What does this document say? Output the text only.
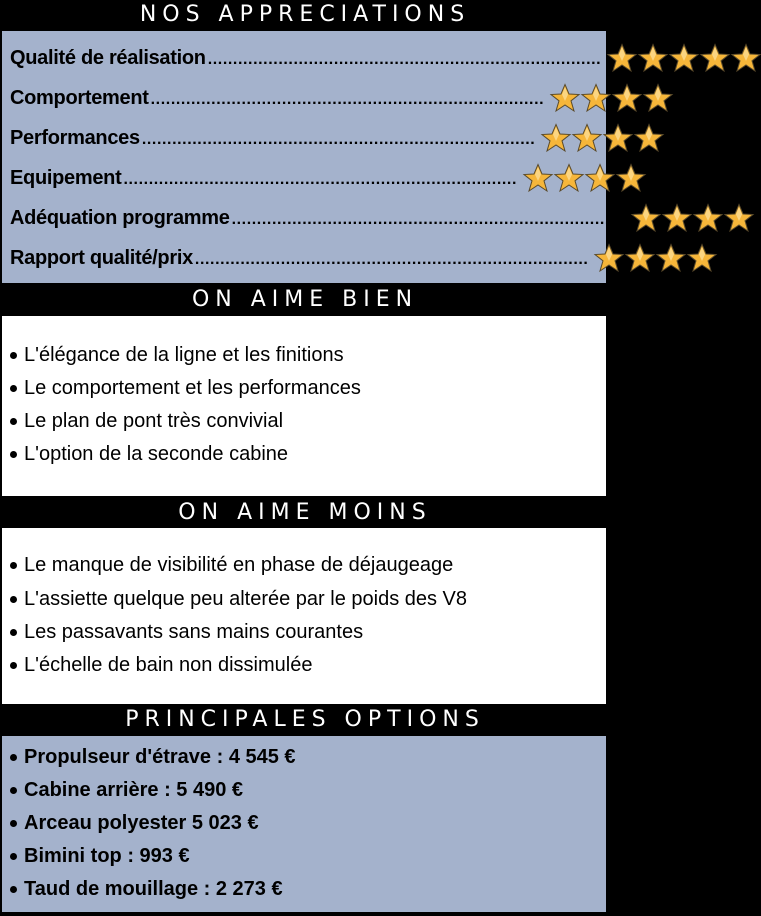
NOS APPRECIATIONS
Qualité de réalisation ..............................................................................
Comportement ..............................................................................
Performances ..............................................................................
Equipement ..............................................................................
Adéquation programme ..............................................................................
Rapport qualité/prix ..............................................................................
ON AIME BIEN
L'élégance de la ligne et les finitions
Le comportement et les performances
Le plan de pont très convivial
L'option de la seconde cabine
ON AIME MOINS
Le manque de visibilité en phase de déjaugeage
L'assiette quelque peu alterée par le poids des V8
Les passavants sans mains courantes
L'échelle de bain non dissimulée
PRINCIPALES OPTIONS
Propulseur d'étrave : 4 545 €
Cabine arrière : 5 490 €
Arceau polyester 5 023 €
Bimini top : 993 €
Taud de mouillage : 2 273 €
